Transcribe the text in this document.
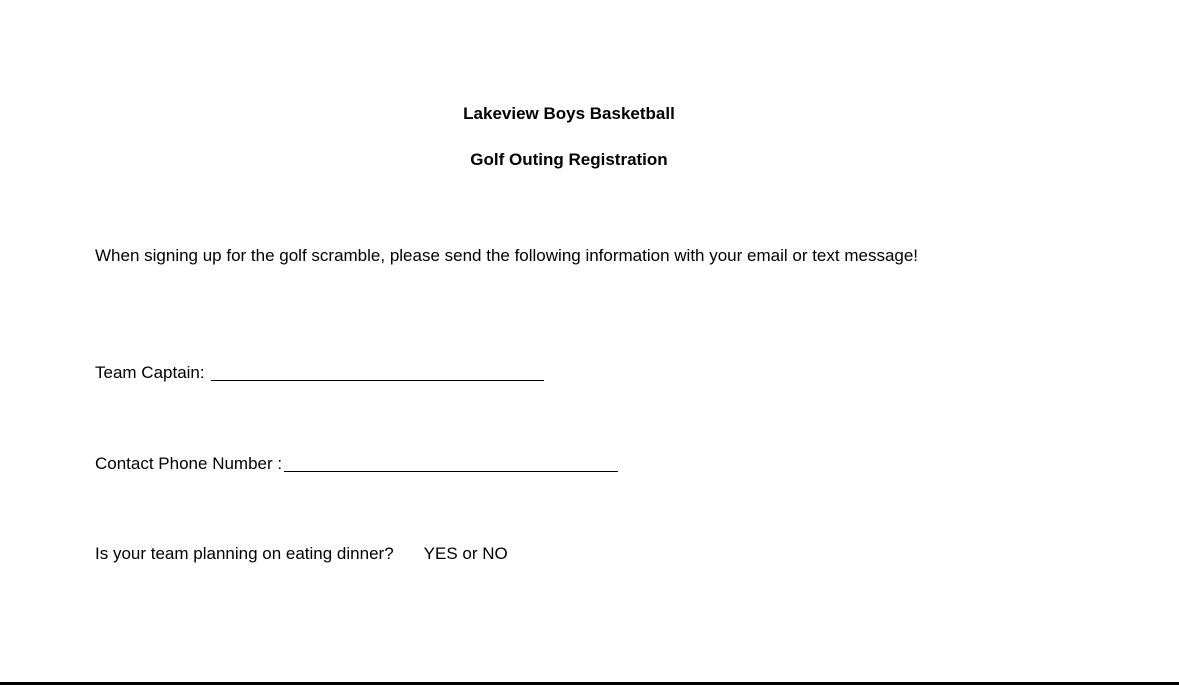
Lakeview Boys Basketball
Golf Outing Registration
When signing up for the golf scramble, please send the following information with your email or text message!
Team Captain:
Contact Phone Number :
Is your team planning on eating dinner? YES or NO
